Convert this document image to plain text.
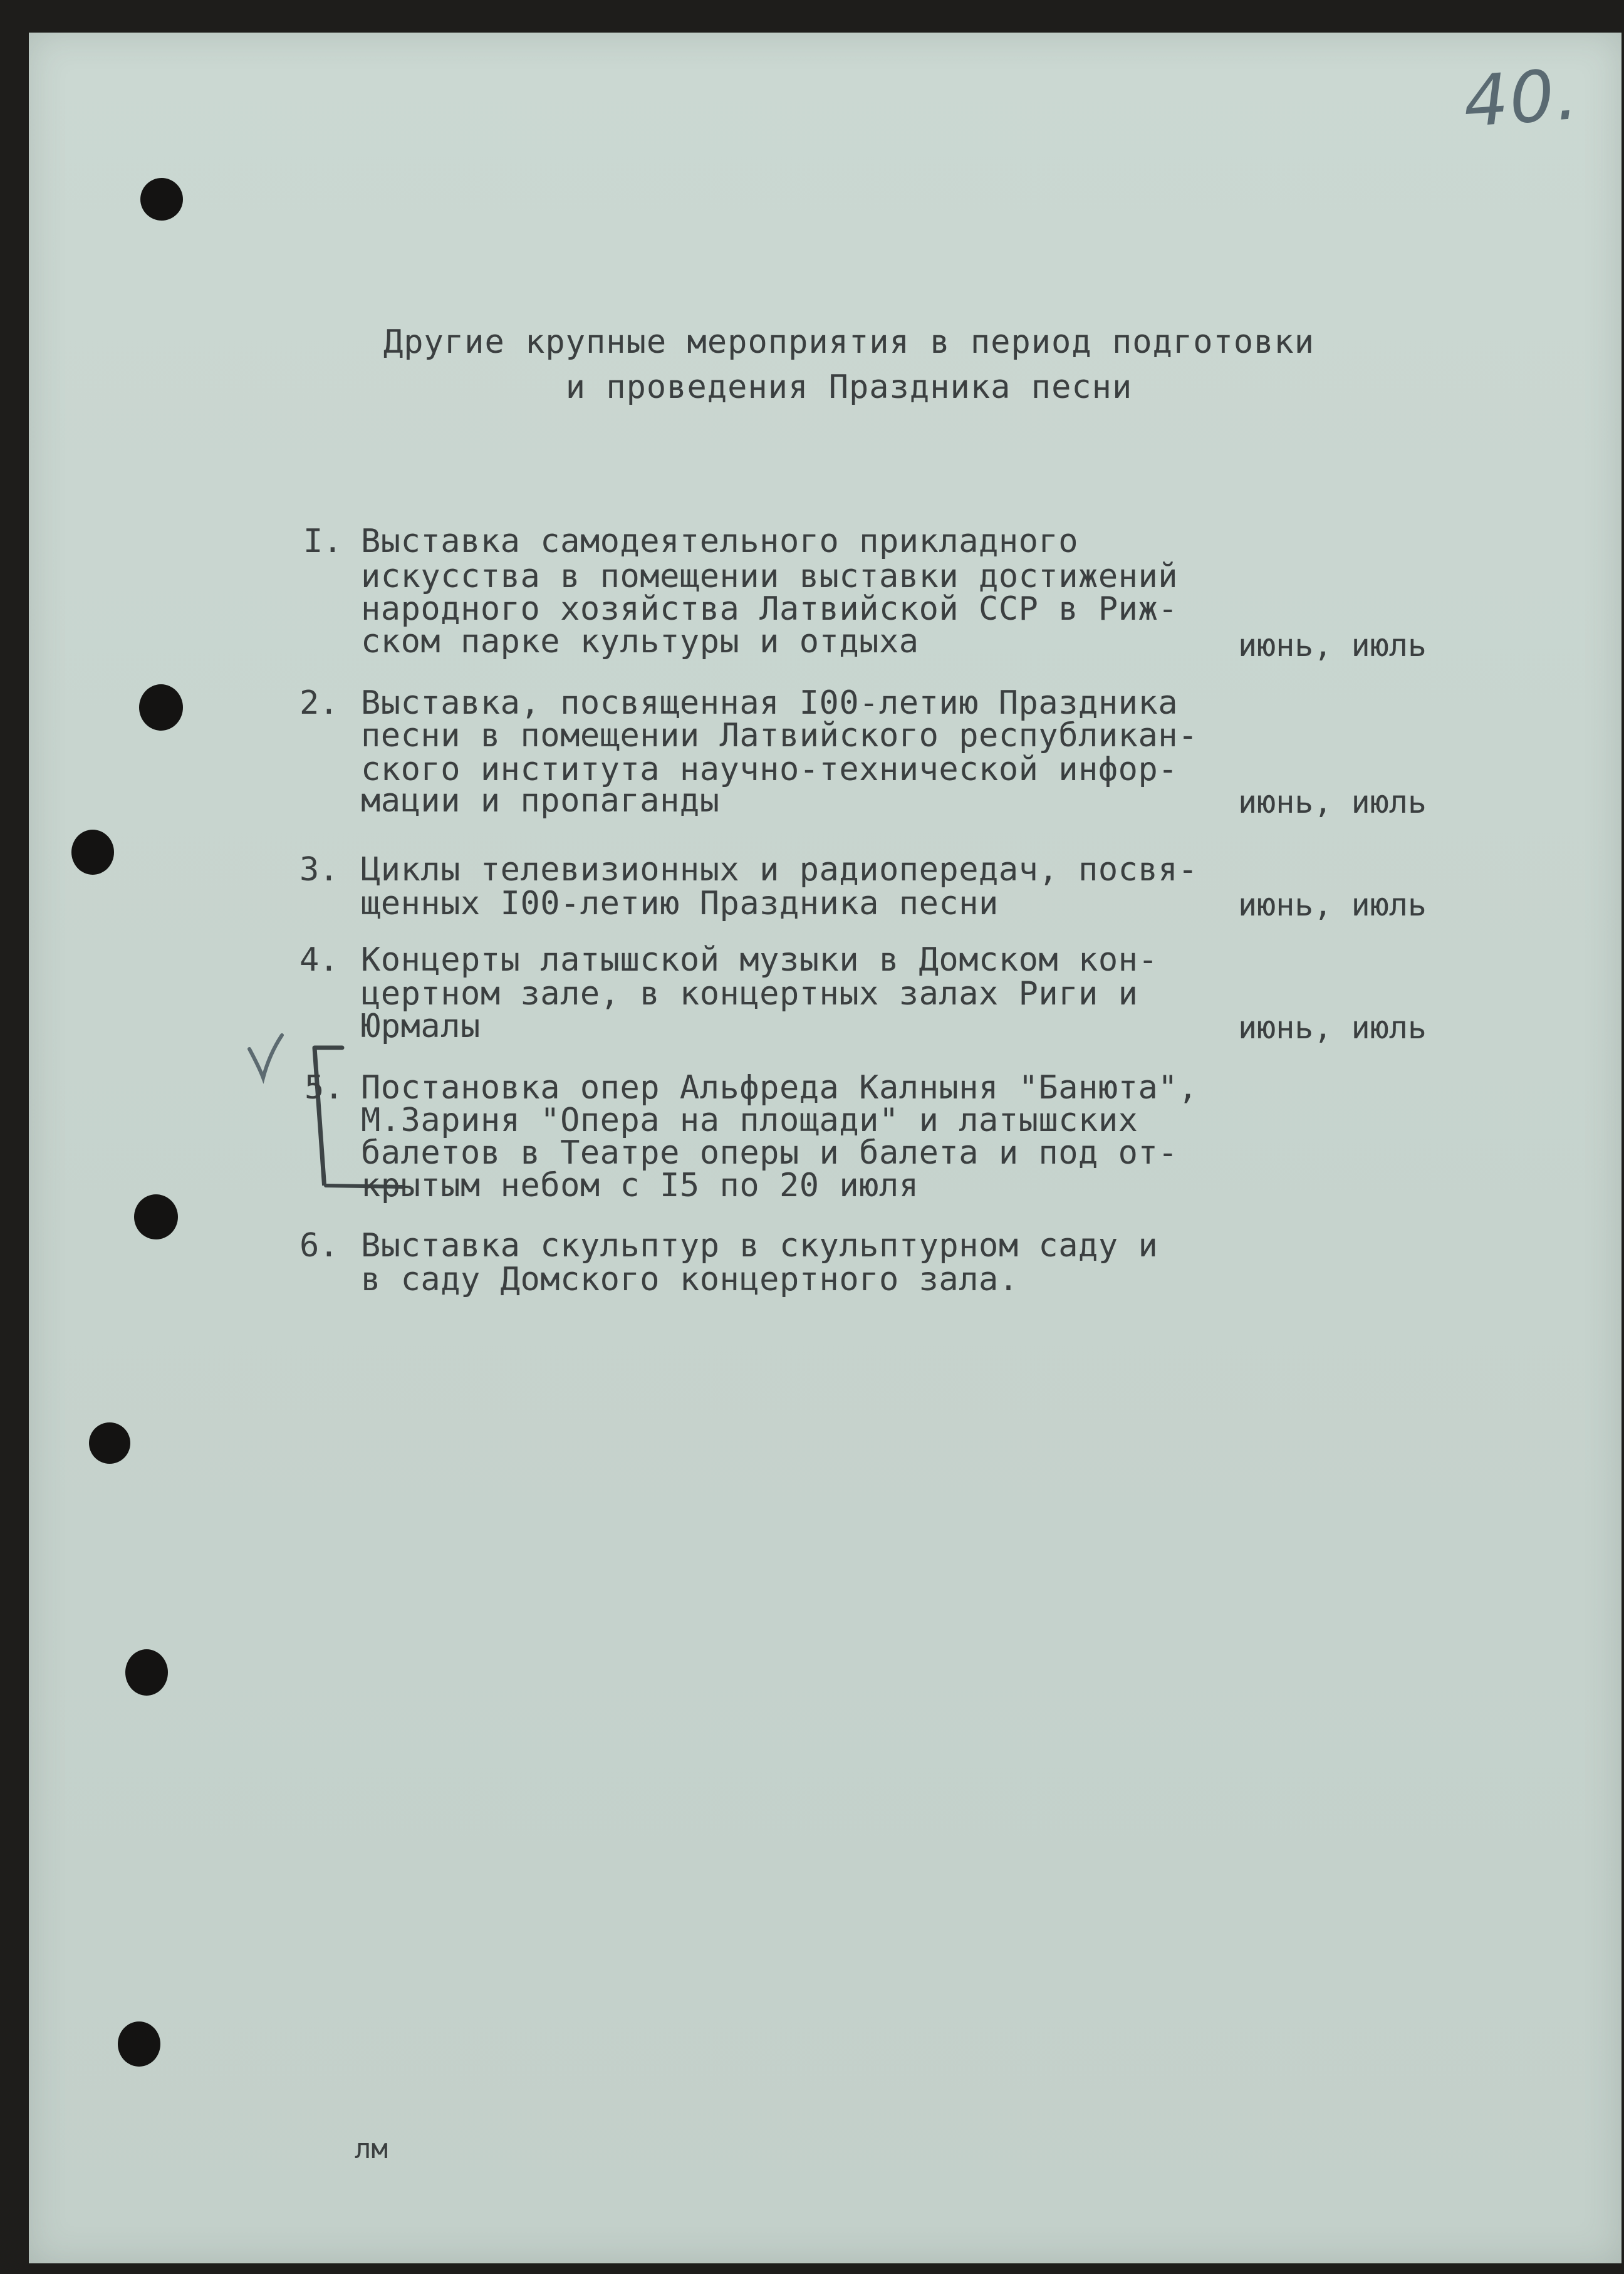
40.
Другие крупные мероприятия в период подготовки
и проведения Праздника песни
I. Выставка самодеятельного прикладного
искусства в помещении выставки достижений
народного хозяйства Латвийской ССР в Риж-
ском парке культуры и отдыха	июнь, июль
2. Выставка, посвященная I00-летию Праздника
песни в помещении Латвийского республикан-
ского института научно-технической инфор-
мации и пропаганды	июнь, июль
3. Циклы телевизионных и радиопередач, посвя-
щенных I00-летию Праздника песни	июнь, июль
4. Концерты латышской музыки в Домском кон-
цертном зале, в концертных залах Риги и
Юрмалы	июнь, июль
5. Постановка опер Альфреда Калныня "Банюта",
М.Зариня "Опера на площади" и латышских
балетов в Театре оперы и балета и под от-
крытым небом с I5 по 20 июля
6. Выставка скульптур в скульптурном саду и
в саду Домского концертного зала.
лм
